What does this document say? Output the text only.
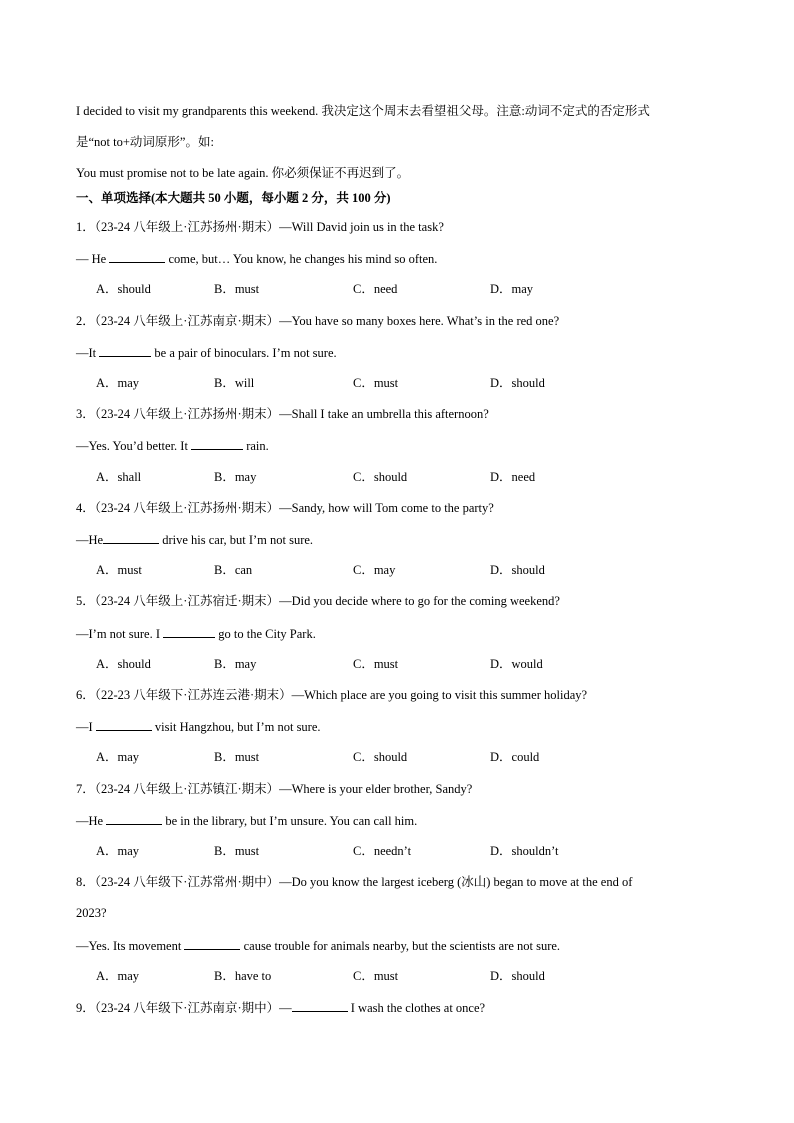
I decided to visit my grandparents this weekend. 我决定这个周末去看望祖父母。注意:动词不定式的否定形式
是“not to+动词原形”。如:
You must promise not to be late again. 你必须保证不再迟到了。
一、单项选择(本大题共 50 小题，每小题 2 分，共 100 分)
1．（23-24 八年级上·江苏扬州·期末）—Will David join us in the task?
— He	come, but… You know, he changes his mind so often.
A．should	B．must	C．need	D．may
2．（23-24 八年级上·江苏南京·期末）—You have so many boxes here. What’s in the red one?
—It	be a pair of binoculars. I’m not sure.
A．may	B．will	C．must	D．should
3．（23-24 八年级上·江苏扬州·期末）—Shall I take an umbrella this afternoon?
—Yes. You’d better. It	rain.
A．shall	B．may	C．should	D．need
4．（23-24 八年级上·江苏扬州·期末）—Sandy, how will Tom come to the party?
—He	drive his car, but I’m not sure.
A．must	B．can	C．may	D．should
5．（23-24 八年级上·江苏宿迁·期末）—Did you decide where to go for the coming weekend?
—I’m not sure. I	go to the City Park.
A．should	B．may	C．must	D．would
6．（22-23 八年级下·江苏连云港·期末）—Which place are you going to visit this summer holiday?
—I	visit Hangzhou, but I’m not sure.
A．may	B．must	C．should	D．could
7．（23-24 八年级上·江苏镇江·期末）—Where is your elder brother, Sandy?
—He	be in the library, but I’m unsure. You can call him.
A．may	B．must	C．needn’t	D．shouldn’t
8．（23-24 八年级下·江苏常州·期中）—Do you know the largest iceberg (冰山) began to move at the end of
2023?
—Yes. Its movement	cause trouble for animals nearby, but the scientists are not sure.
A．may	B．have to	C．must	D．should
9．（23-24 八年级下·江苏南京·期中）—	I wash the clothes at once?
